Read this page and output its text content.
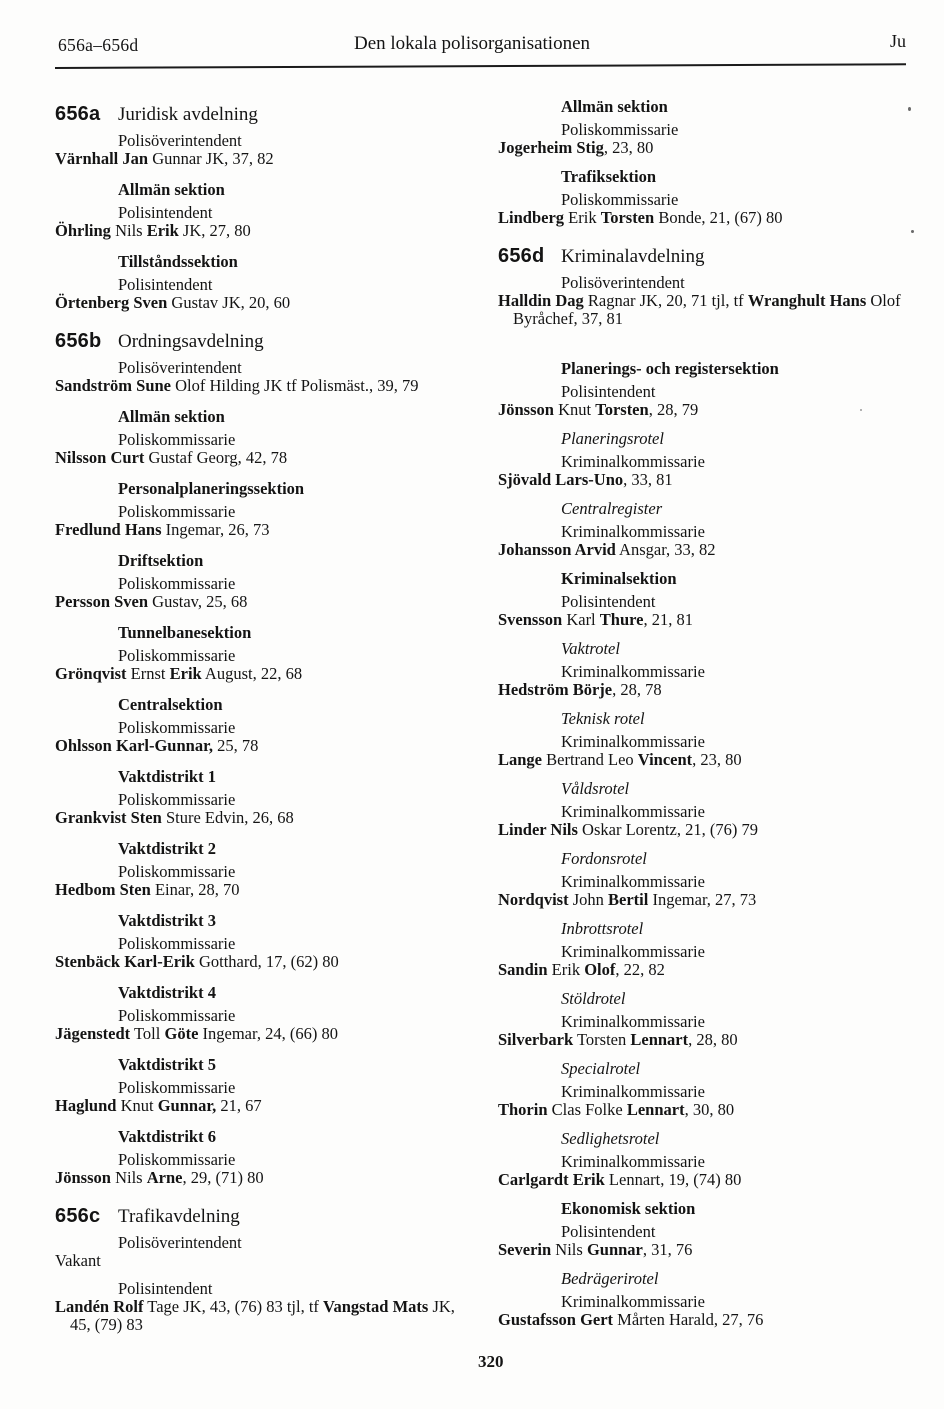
656a–656d	Den lokala polisorganisationen	Ju
656a Juridisk avdelning
Polisöverintendent
Värnhall Jan Gunnar JK, 37, 82
Allmän sektion
Polisintendent
Öhrling Nils Erik JK, 27, 80
Tillståndssektion
Polisintendent
Örtenberg Sven Gustav JK, 20, 60
656b Ordningsavdelning
Polisöverintendent
Sandström Sune Olof Hilding JK tf Polismäst., 39, 79
Allmän sektion
Poliskommissarie
Nilsson Curt Gustaf Georg, 42, 78
Personalplaneringssektion
Poliskommissarie
Fredlund Hans Ingemar, 26, 73
Driftsektion
Poliskommissarie
Persson Sven Gustav, 25, 68
Tunnelbanesektion
Poliskommissarie
Grönqvist Ernst Erik August, 22, 68
Centralsektion
Poliskommissarie
Ohlsson Karl-Gunnar, 25, 78
Vaktdistrikt 1
Poliskommissarie
Grankvist Sten Sture Edvin, 26, 68
Vaktdistrikt 2
Poliskommissarie
Hedbom Sten Einar, 28, 70
Vaktdistrikt 3
Poliskommissarie
Stenbäck Karl-Erik Gotthard, 17, (62) 80
Vaktdistrikt 4
Poliskommissarie
Jägenstedt Toll Göte Ingemar, 24, (66) 80
Vaktdistrikt 5
Poliskommissarie
Haglund Knut Gunnar, 21, 67
Vaktdistrikt 6
Poliskommissarie
Jönsson Nils Arne, 29, (71) 80
656c Trafikavdelning
Polisöverintendent
Vakant
Polisintendent
Landén Rolf Tage JK, 43, (76) 83 tjl, tf Vangstad Mats JK, 45, (79) 83
Allmän sektion
Poliskommissarie
Jogerheim Stig, 23, 80
Trafiksektion
Poliskommissarie
Lindberg Erik Torsten Bonde, 21, (67) 80
656d Kriminalavdelning
Polisöverintendent
Halldin Dag Ragnar JK, 20, 71 tjl, tf Wranghult Hans Olof Byråchef, 37, 81
Planerings- och registersektion
Polisintendent
Jönsson Knut Torsten, 28, 79
Planeringsrotel
Kriminalkommissarie
Sjövald Lars-Uno, 33, 81
Centralregister
Kriminalkommissarie
Johansson Arvid Ansgar, 33, 82
Kriminalsektion
Polisintendent
Svensson Karl Thure, 21, 81
Vaktrotel
Kriminalkommissarie
Hedström Börje, 28, 78
Teknisk rotel
Kriminalkommissarie
Lange Bertrand Leo Vincent, 23, 80
Våldsrotel
Kriminalkommissarie
Linder Nils Oskar Lorentz, 21, (76) 79
Fordonsrotel
Kriminalkommissarie
Nordqvist John Bertil Ingemar, 27, 73
Inbrottsrotel
Kriminalkommissarie
Sandin Erik Olof, 22, 82
Stöldrotel
Kriminalkommissarie
Silverbark Torsten Lennart, 28, 80
Specialrotel
Kriminalkommissarie
Thorin Clas Folke Lennart, 30, 80
Sedlighetsrotel
Kriminalkommissarie
Carlgardt Erik Lennart, 19, (74) 80
Ekonomisk sektion
Polisintendent
Severin Nils Gunnar, 31, 76
Bedrägerirotel
Kriminalkommissarie
Gustafsson Gert Mårten Harald, 27, 76
320
